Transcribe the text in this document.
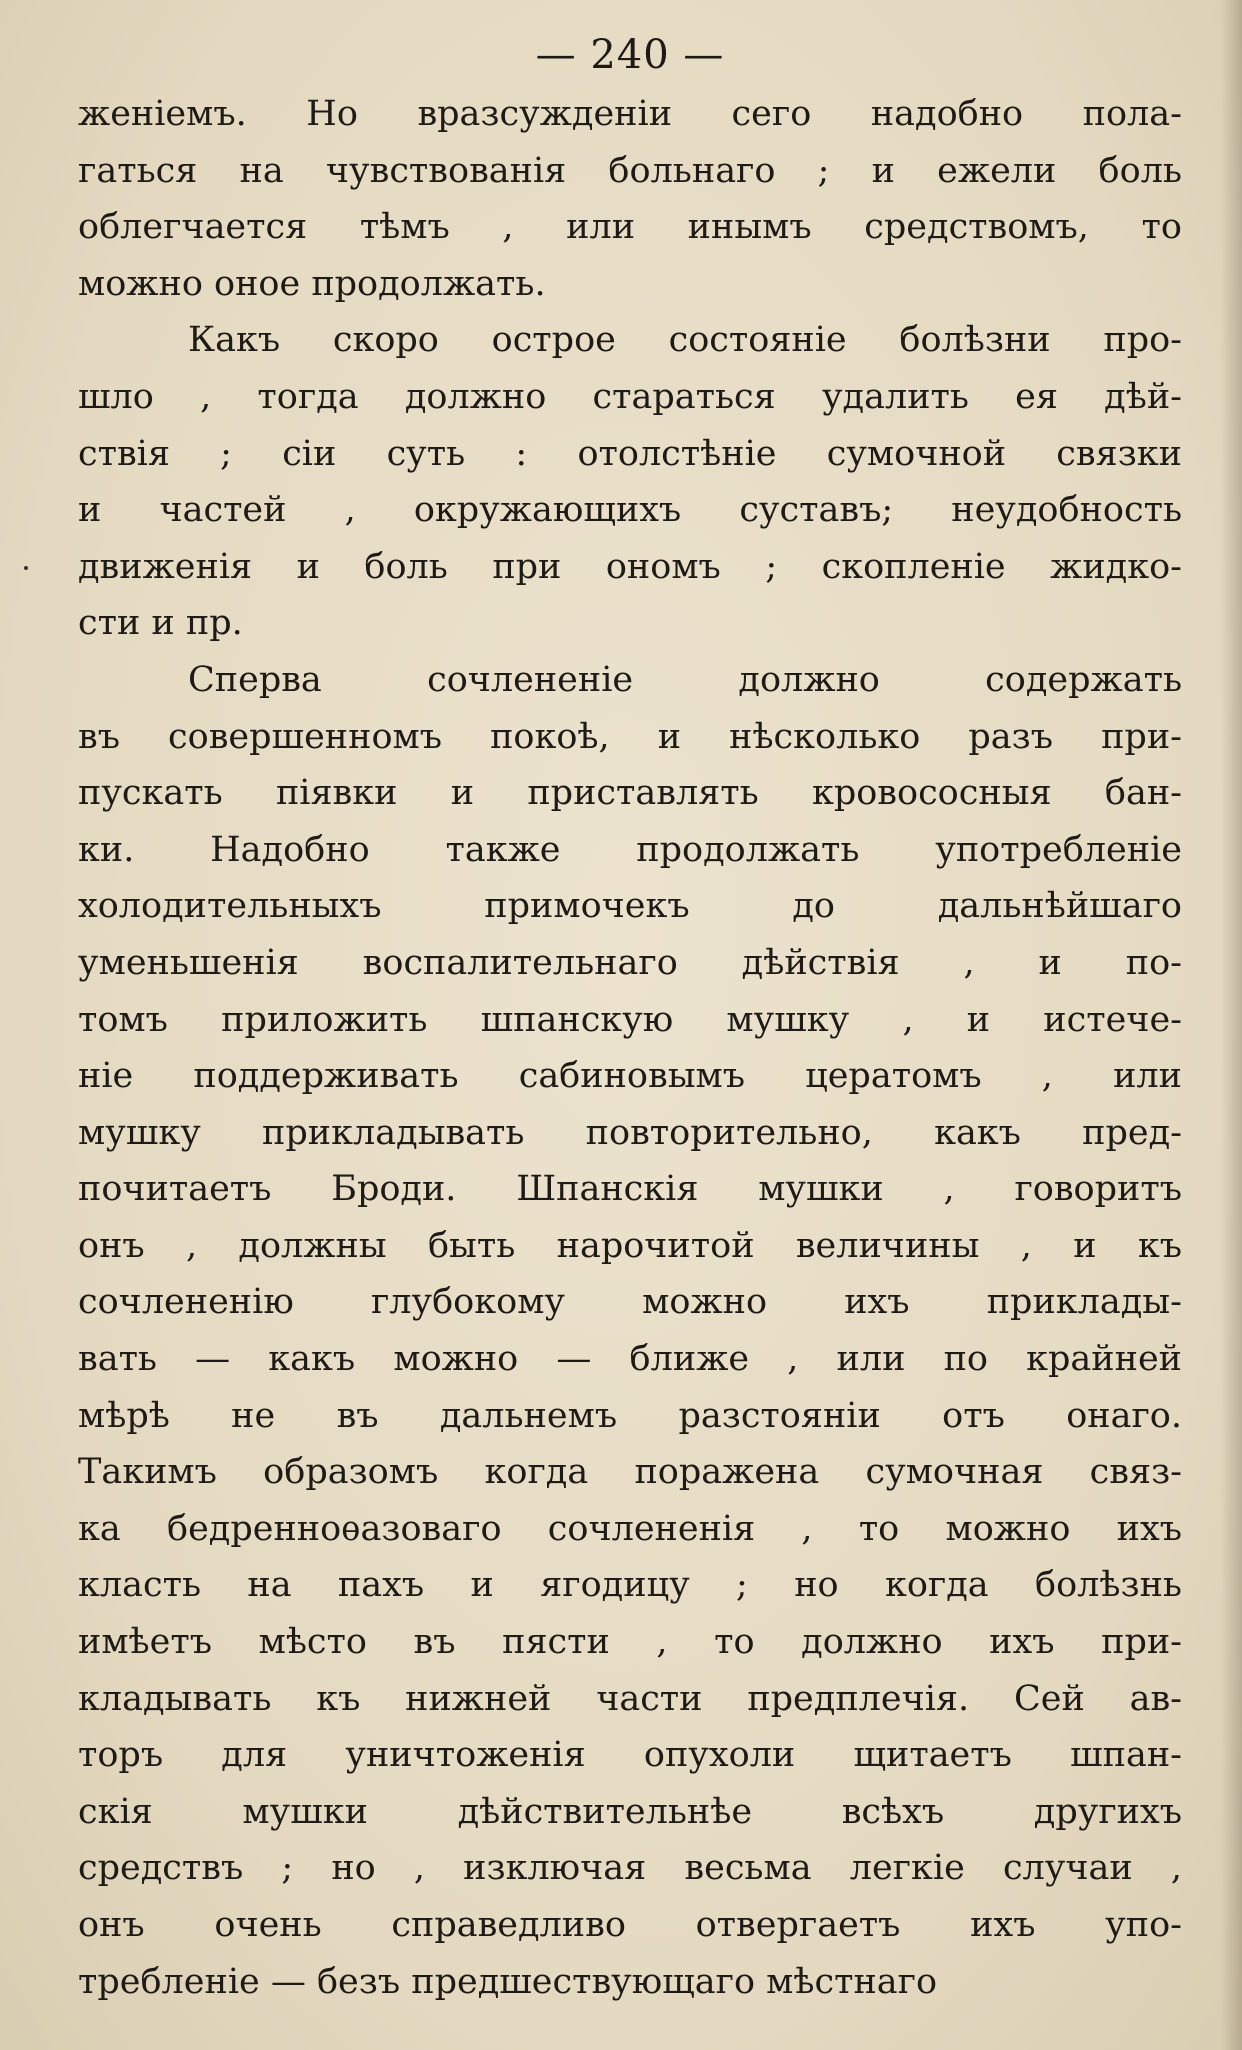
— 240 —
женіемъ. Но вразсужденіи сего надобно пола-
гаться на чувствованія больнаго ; и ежели боль
облегчается тѣмъ , или инымъ средствомъ, то
можно оное продолжать.
Какъ скоро острое состояніе болѣзни про-
шло , тогда должно стараться удалить ея дѣй-
ствія ; сіи суть : отолстѣніе сумочной связки
и частей , окружающихъ суставъ; неудобность
движенія и боль при ономъ ; скопленіе жидко-
сти и пр.
Сперва сочлененіе должно содержать
въ совершенномъ покоѣ, и нѣсколько разъ при-
пускать піявки и приставлять кровососныя бан-
ки. Надобно также продолжать употребленіе
холодительныхъ примочекъ до дальнѣйшаго
уменьшенія воспалительнаго дѣйствія , и по-
томъ приложить шпанскую мушку , и истече-
ніе поддерживать сабиновымъ цератомъ , или
мушку прикладывать повторительно, какъ пред-
почитаетъ Броди. Шпанскія мушки , говоритъ
онъ , должны быть нарочитой величины , и къ
сочлененію глубокому можно ихъ приклады-
вать — какъ можно — ближе , или по крайней
мѣрѣ не въ дальнемъ разстояніи отъ онаго.
Такимъ образомъ когда поражена сумочная связ-
ка бедренноѳазоваго сочлененія , то можно ихъ
класть на пахъ и ягодицу ; но когда болѣзнь
имѣетъ мѣсто въ пясти , то должно ихъ при-
кладывать къ нижней части предплечія. Сей ав-
торъ для уничтоженія опухоли щитаетъ шпан-
скія мушки дѣйствительнѣе всѣхъ другихъ
средствъ ; но , изключая весьма легкіе случаи ,
онъ очень справедливо отвергаетъ ихъ упо-
требленіе — безъ предшествующаго мѣстнаго
